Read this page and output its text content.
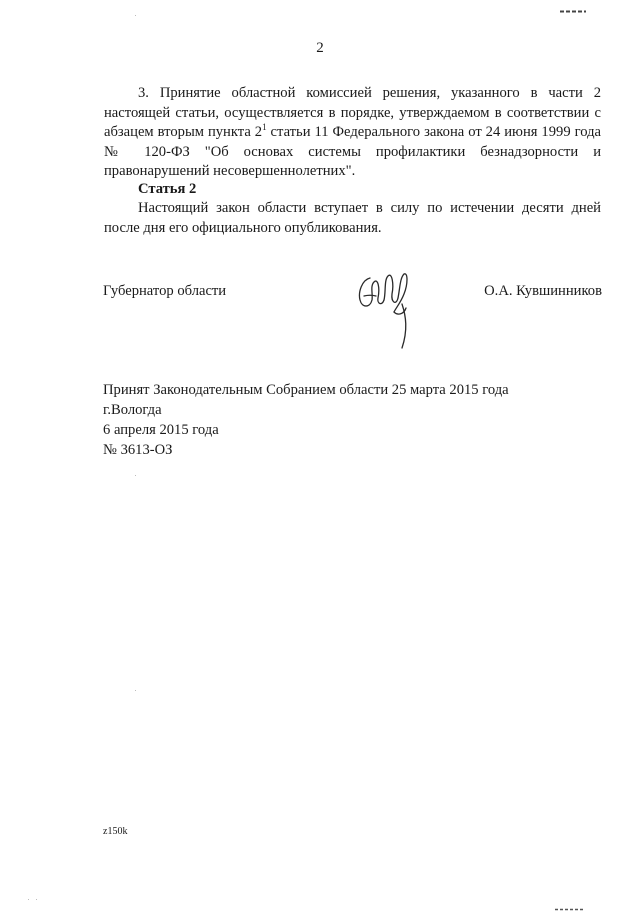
2
3. Принятие областной комиссией решения, указанного в части 2 настоящей статьи, осуществляется в порядке, утверждаемом в соответствии с абзацем вторым пункта $2^1$ статьи 11 Федерального закона от 24 июня 1999 года № 120-ФЗ "Об основах системы профилактики безнадзорности и правонарушений несовершеннолетних".
Статья 2
Настоящий закон области вступает в силу по истечении десяти дней после дня его официального опубликования.
Губернатор области	О.А. Кувшинников
Принят Законодательным Собранием области 25 марта 2015 года
г.Вологда
6 апреля 2015 года
№ 3613-ОЗ
z150k
